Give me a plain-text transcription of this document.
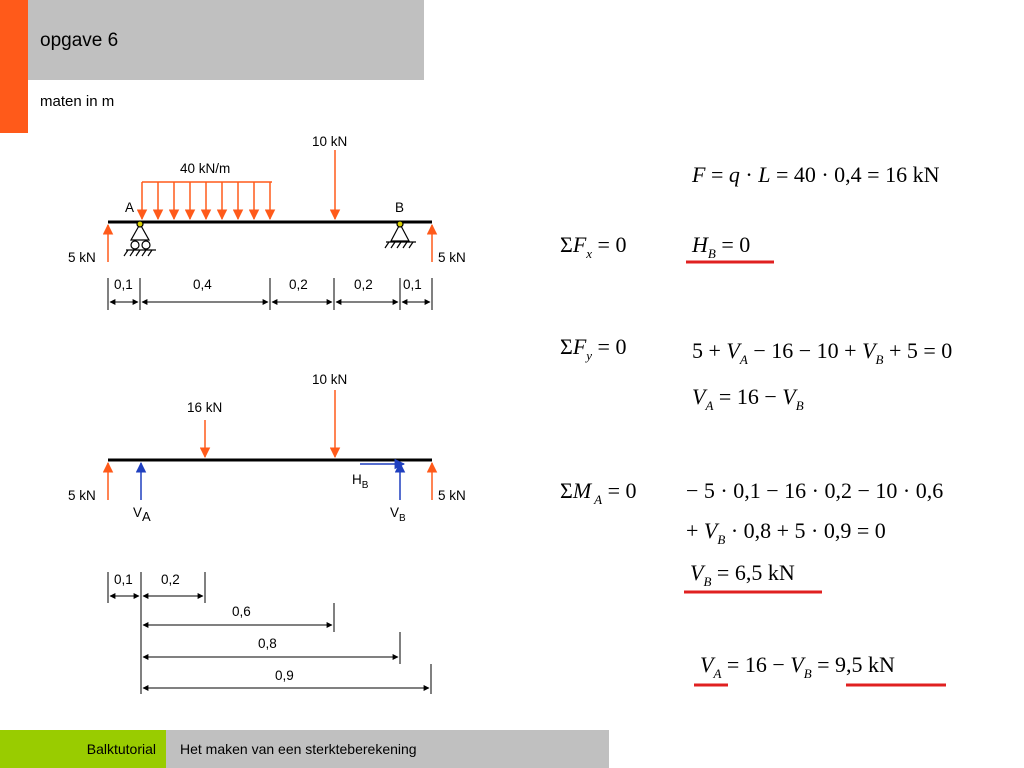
opgave 6
maten in m
40 kN/m
10 kN
5 kN	5 kN
A	B
0,1	0,4	0,2	0,2 0,1
10 kN
16 kN
5 kN	5 kN
VA	$V_B$
$H_B$
0,1 0,2
0,6
0,8
0,9
F = q · L = 40 · 0,4 = 16 kN
$\Sigma F_x = 0$	$H_B = 0$
$\Sigma F_y = 0$	$5 + V_A - 16 - 10 + V_B + 5 = 0$
$V_A = 16 - V_B$
ΣM $_A$ = 0 − 5 · 0,1 − 16 · 0,2 − 10 · 0,6
+ $V_B \cdot 0,8 + 5 \cdot 0,9 = 0$
$V_B = 6,5$ kN
$V_A = 16 - V_B = 9,5$ kN
Balktutorial	Het maken van een sterkteberekening
